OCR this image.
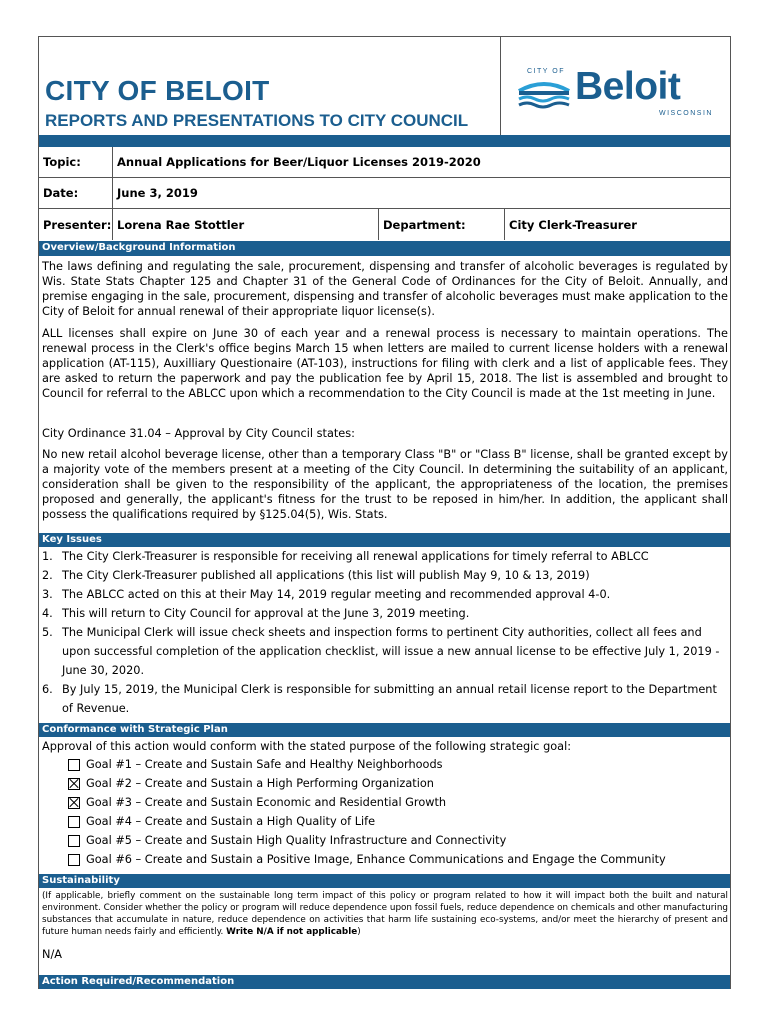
CITY OF BELOIT
REPORTS AND PRESENTATIONS TO CITY COUNCIL
CITY OF Beloit
WISCONSIN
Topic:	Annual Applications for Beer/Liquor Licenses 2019-2020
Date:	June 3, 2019
Presenter: Lorena Rae Stottler	Department:	City Clerk-Treasurer
Overview/Background Information
The laws defining and regulating the sale, procurement, dispensing and transfer of alcoholic beverages is regulated by Wis. State Stats Chapter 125 and Chapter 31 of the General Code of Ordinances for the City of Beloit. Annually, and premise engaging in the sale, procurement, dispensing and transfer of alcoholic beverages must make application to the City of Beloit for annual renewal of their appropriate liquor license(s).
ALL licenses shall expire on June 30 of each year and a renewal process is necessary to maintain operations. The renewal process in the Clerk's office begins March 15 when letters are mailed to current license holders with a renewal application (AT-115), Auxilliary Questionaire (AT-103), instructions for filing with clerk and a list of applicable fees. They are asked to return the paperwork and pay the publication fee by April 15, 2018. The list is assembled and brought to Council for referral to the ABLCC upon which a recommendation to the City Council is made at the 1st meeting in June.
City Ordinance 31.04 – Approval by City Council states:
No new retail alcohol beverage license, other than a temporary Class "B" or "Class B" license, shall be granted except by a majority vote of the members present at a meeting of the City Council. In determining the suitability of an applicant, consideration shall be given to the responsibility of the applicant, the appropriateness of the location, the premises proposed and generally, the applicant's fitness for the trust to be reposed in him/her. In addition, the applicant shall possess the qualifications required by §125.04(5), Wis. Stats.
Key Issues
1. The City Clerk-Treasurer is responsible for receiving all renewal applications for timely referral to ABLCC
2. The City Clerk-Treasurer published all applications (this list will publish May 9, 10 & 13, 2019)
3. The ABLCC acted on this at their May 14, 2019 regular meeting and recommended approval 4-0.
4. This will return to City Council for approval at the June 3, 2019 meeting.
5. The Municipal Clerk will issue check sheets and inspection forms to pertinent City authorities, collect all fees and upon successful completion of the application checklist, will issue a new annual license to be effective July 1, 2019 - June 30, 2020.
6. By July 15, 2019, the Municipal Clerk is responsible for submitting an annual retail license report to the Department of Revenue.
Conformance with Strategic Plan
Approval of this action would conform with the stated purpose of the following strategic goal:
Goal #1 – Create and Sustain Safe and Healthy Neighborhoods
Goal #2 – Create and Sustain a High Performing Organization
Goal #3 – Create and Sustain Economic and Residential Growth
Goal #4 – Create and Sustain a High Quality of Life
Goal #5 – Create and Sustain High Quality Infrastructure and Connectivity
Goal #6 – Create and Sustain a Positive Image, Enhance Communications and Engage the Community
Sustainability
(If applicable, briefly comment on the sustainable long term impact of this policy or program related to how it will impact both the built and natural environment. Consider whether the policy or program will reduce dependence upon fossil fuels, reduce dependence on chemicals and other manufacturing substances that accumulate in nature, reduce dependence on activities that harm life sustaining eco-systems, and/or meet the hierarchy of present and future human needs fairly and efficiently. Write N/A if not applicable)
N/A
Action Required/Recommendation
